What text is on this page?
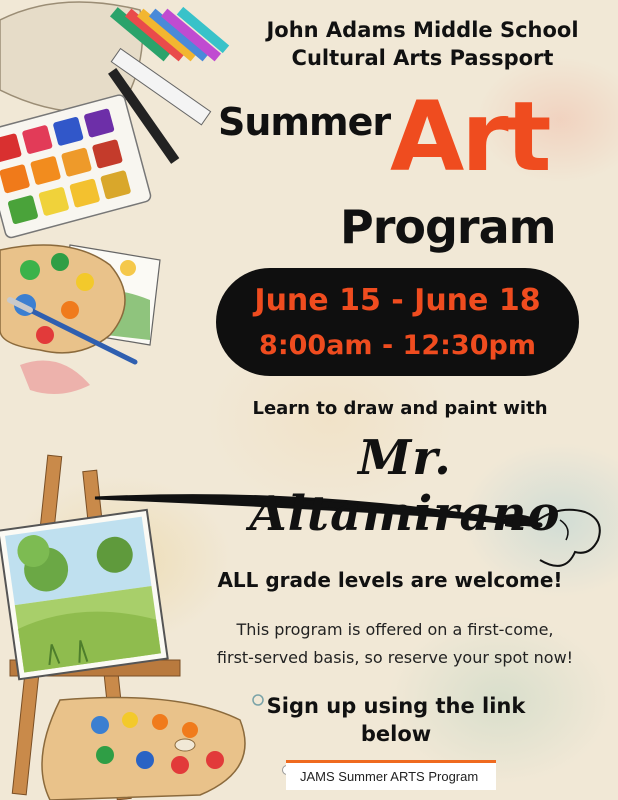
John Adams Middle School
Cultural Arts Passport
Summer Art
Program
June 15 - June 18
8:00am - 12:30pm
Learn to draw and paint with
Mr. Altamirano
ALL grade levels are welcome!
This program is offered on a first-come,
first-served basis, so reserve your spot now!
Sign up using the link
below
JAMS Summer ARTS Program
